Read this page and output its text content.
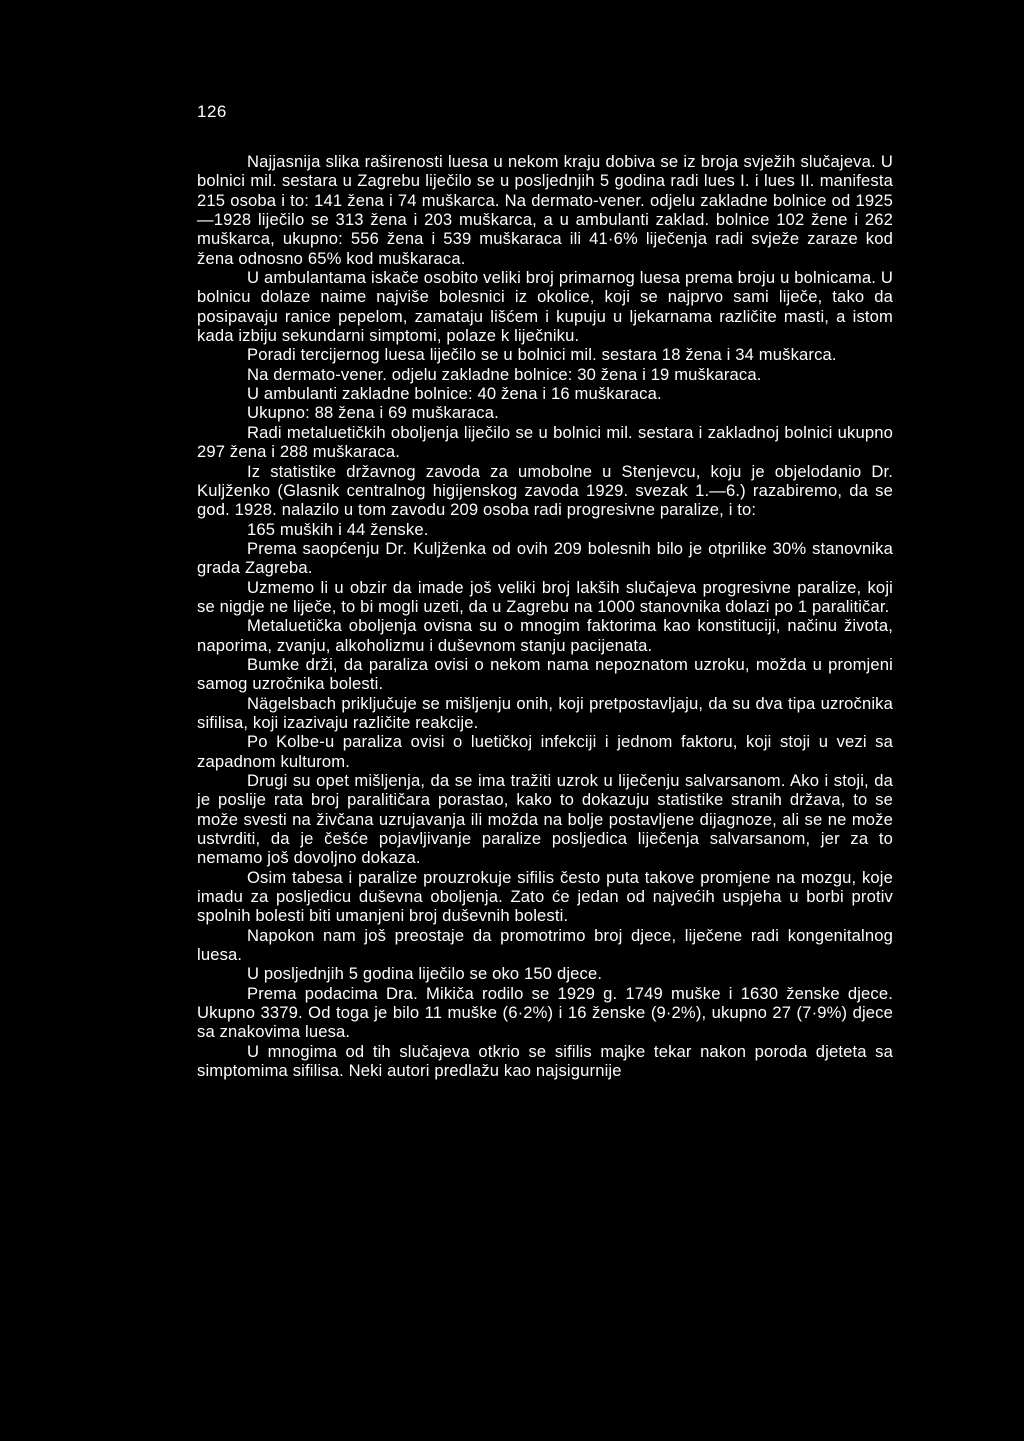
126

Najjasnija slika raširenosti luesa u nekom kraju dobiva se iz broja svježih slučajeva. U bolnici mil. sestara u Zagrebu liječilo se u posljednjih 5 godina radi lues I. i lues II. manifesta 215 osoba i to: 141 žena i 74 muškarca. Na dermato-vener. odjelu zakladne bolnice od 1925—1928 liječilo se 313 žena i 203 muškarca, a u ambulanti zaklad. bolnice 102 žene i 262 muškarca, ukupno: 556 žena i 539 muškaraca ili 41·6% liječenja radi svježe zaraze kod žena odnosno 65% kod muškaraca.

U ambulantama iskače osobito veliki broj primarnog luesa prema broju u bolnicama. U bolnicu dolaze naime najviše bolesnici iz okolice, koji se najprvo sami liječe, tako da posipavaju ranice pepelom, zamataju lišćem i kupuju u ljekarnama različite masti, a istom kada izbiju sekundarni simptomi, polaze k liječniku.

Poradi tercijernog luesa liječilo se u bolnici mil. sestara 18 žena i 34 muškarca.

Na dermato-vener. odjelu zakladne bolnice: 30 žena i 19 muškaraca.

U ambulanti zakladne bolnice: 40 žena i 16 muškaraca.

Ukupno: 88 žena i 69 muškaraca.

Radi metaluetičkih oboljenja liječilo se u bolnici mil. sestara i zakladnoj bolnici ukupno 297 žena i 288 muškaraca.

Iz statistike državnog zavoda za umobolne u Stenjevcu, koju je objelodanio Dr. Kuljženko (Glasnik centralnog higijenskog zavoda 1929. svezak 1.—6.) razabiremo, da se god. 1928. nalazilo u tom zavodu 209 osoba radi progresivne paralize, i to:

165 muških i 44 ženske.

Prema saopćenju Dr. Kuljženka od ovih 209 bolesnih bilo je otprilike 30% stanovnika grada Zagreba.

Uzmemo li u obzir da imade još veliki broj lakših slučajeva progresivne paralize, koji se nigdje ne liječe, to bi mogli uzeti, da u Zagrebu na 1000 stanovnika dolazi po 1 paralitičar.

Metaluetička oboljenja ovisna su o mnogim faktorima kao konstituciji, načinu života, naporima, zvanju, alkoholizmu i duševnom stanju pacijenata.

Bumke drži, da paraliza ovisi o nekom nama nepoznatom uzroku, možda u promjeni samog uzročnika bolesti.

Nägelsbach priključuje se mišljenju onih, koji pretpostavljaju, da su dva tipa uzročnika sifilisa, koji izazivaju različite reakcije.

Po Kolbe-u paraliza ovisi o luetičkoj infekciji i jednom faktoru, koji stoji u vezi sa zapadnom kulturom.

Drugi su opet mišljenja, da se ima tražiti uzrok u liječenju salvarsanom. Ako i stoji, da je poslije rata broj paralitičara porastao, kako to dokazuju statistike stranih država, to se može svesti na živčana uzrujavanja ili možda na bolje postavljene dijagnoze, ali se ne može ustvrditi, da je češće pojavljivanje paralize posljedica liječenja salvarsanom, jer za to nemamo još dovoljno dokaza.

Osim tabesa i paralize prouzrokuje sifilis često puta takove promjene na mozgu, koje imadu za posljedicu duševna oboljenja. Zato će jedan od najvećih uspjeha u borbi protiv spolnih bolesti biti umanjeni broj duševnih bolesti.

Napokon nam još preostaje da promotrimo broj djece, liječene radi kongenitalnog luesa.

U posljednjih 5 godina liječilo se oko 150 djece.

Prema podacima Dra. Mikiča rodilo se 1929 g. 1749 muške i 1630 ženske djece. Ukupno 3379. Od toga je bilo 11 muške (6·2%) i 16 ženske (9·2%), ukupno 27 (7·9%) djece sa znakovima luesa.

U mnogima od tih slučajeva otkrio se sifilis majke tekar nakon poroda djeteta sa simptomima sifilisa. Neki autori predlažu kao najsigurnije
